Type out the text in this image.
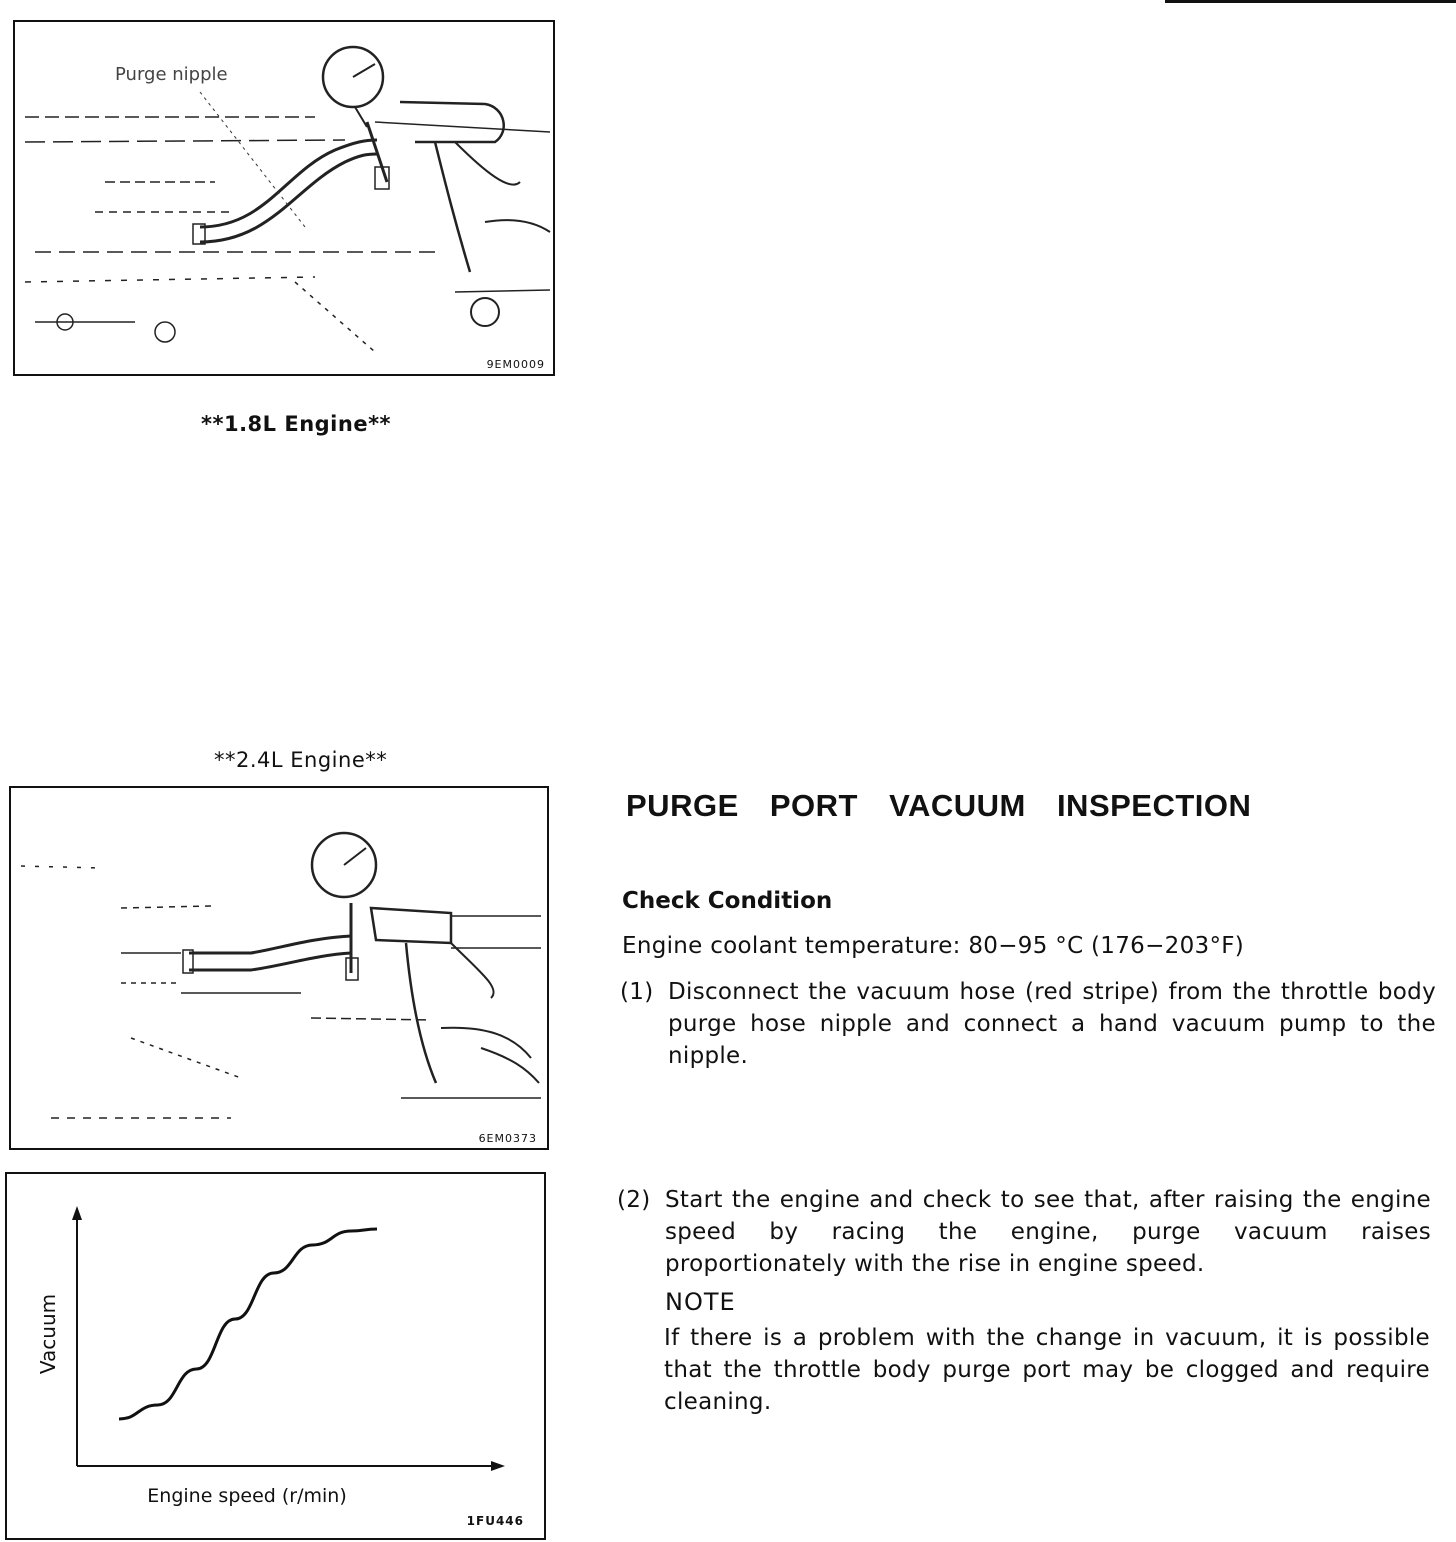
Purge nipple
9EM0009
**1.8L Engine**
**2.4L Engine**
6EM0373
Vacuum
Engine speed (r/min)
1FU446
PURGE PORT VACUUM INSPECTION
Check Condition
Engine coolant temperature: 80−95 °C (176−203°F)
(1) Disconnect the vacuum hose (red stripe) from the throttle body purge hose nipple and connect a hand vacuum pump to the nipple.
(2) Start the engine and check to see that, after raising the engine speed by racing the engine, purge vacuum raises proportionately with the rise in engine speed.
NOTE
If there is a problem with the change in vacuum, it is possible that the throttle body purge port may be clogged and require cleaning.
